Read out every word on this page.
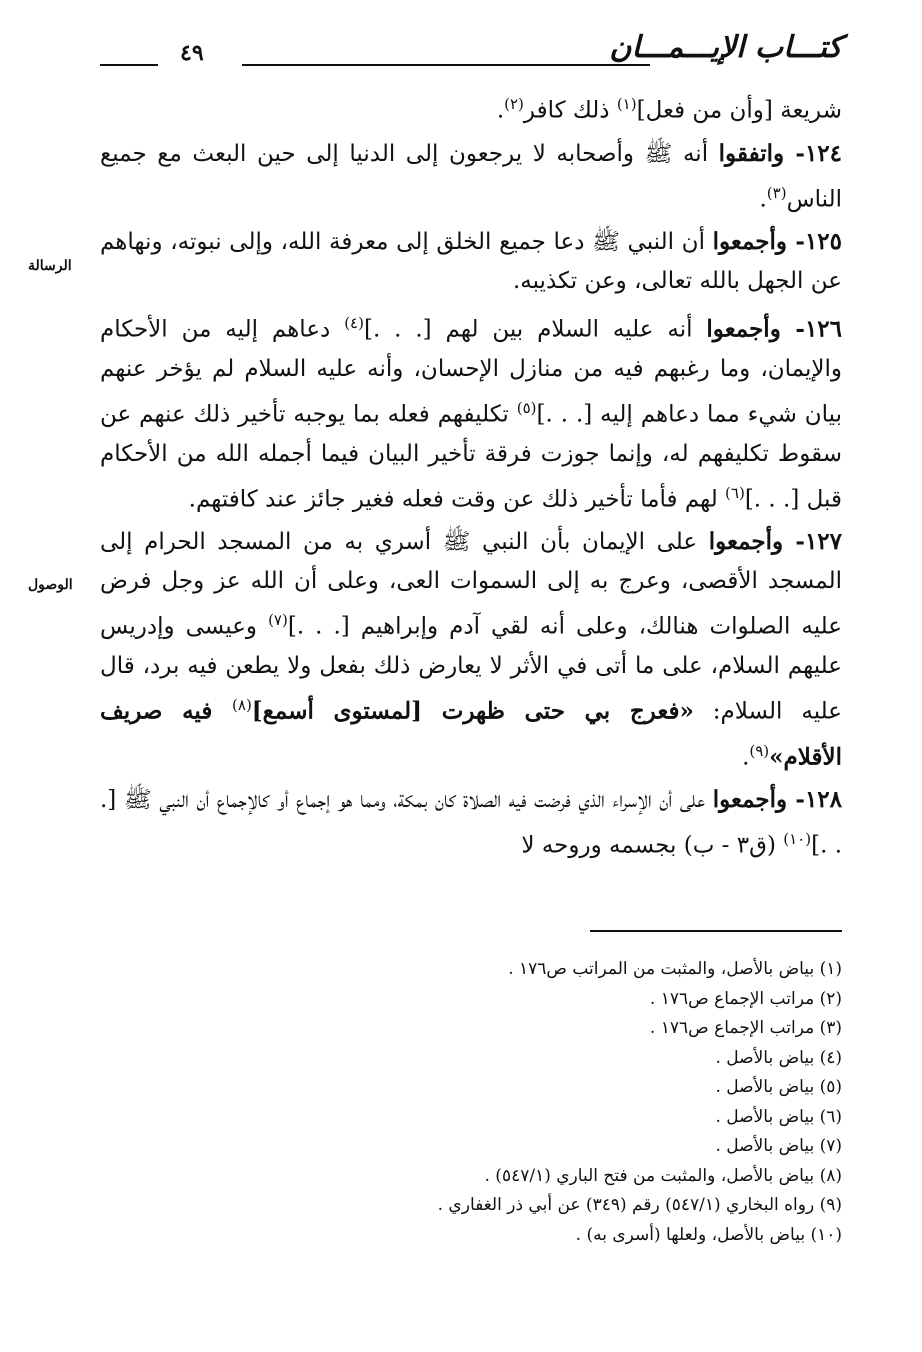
كتـــاب الإيـــمـــان
٤٩
الرسالة
الوصول

شريعة [وأن من فعل]$^{(١)}$ ذلك كافر$^{(٢)}$.

١٢٤- واتفقوا أنه ﷺ وأصحابه لا يرجعون إلى الدنيا إلى حين البعث مع جميع الناس$^{(٣)}$.

١٢٥- وأجمعوا أن النبي ﷺ دعا جميع الخلق إلى معرفة الله، وإلى نبوته، ونهاهم عن الجهل بالله تعالى، وعن تكذيبه.

١٢٦- وأجمعوا أنه عليه السلام بين لهم [. . .]$^{(٤)}$ دعاهم إليه من الأحكام والإيمان، وما رغبهم فيه من منازل الإحسان، وأنه عليه السلام لم يؤخر عنهم بيان شيء مما دعاهم إليه [. . .]$^{(٥)}$ تكليفهم فعله بما يوجبه تأخير ذلك عنهم عن سقوط تكليفهم له، وإنما جوزت فرقة تأخير البيان فيما أجمله الله من الأحكام قبل [. . .]$^{(٦)}$ لهم فأما تأخير ذلك عن وقت فعله فغير جائز عند كافتهم.

١٢٧- وأجمعوا على الإيمان بأن النبي ﷺ أسري به من المسجد الحرام إلى المسجد الأقصى، وعرج به إلى السموات العى، وعلى أن الله عز وجل فرض عليه الصلوات هنالك، وعلى أنه لقي آدم وإبراهيم [. . .]$^{(٧)}$ وعيسى وإدريس عليهم السلام، على ما أتى في الأثر لا يعارض ذلك بفعل ولا يطعن فيه برد، قال عليه السلام: «فعرج بي حتى ظهرت [لمستوى أسمع]$^{(٨)}$ فيه صريف الأقلام»$^{(٩)}$.

١٢٨- وأجمعوا على أن الإسراء الذي فرضت فيه الصلاة كان بمكة، ومما هو إجماع أو كالإجماع أن النبي ﷺ [. . .]$^{(١٠)}$ (ق٣ - ب) بجسمه وروحه لا

(١) بياض بالأصل، والمثبت من المراتب ص١٧٦ .
(٢) مراتب الإجماع ص١٧٦ .
(٣) مراتب الإجماع ص١٧٦ .
(٤) بياض بالأصل .
(٥) بياض بالأصل .
(٦) بياض بالأصل .
(٧) بياض بالأصل .
(٨) بياض بالأصل، والمثبت من فتح الباري (٥٤٧/١) .
(٩) رواه البخاري (٥٤٧/١) رقم (٣٤٩) عن أبي ذر الغفاري .
(١٠) بياض بالأصل، ولعلها (أسرى به) .
